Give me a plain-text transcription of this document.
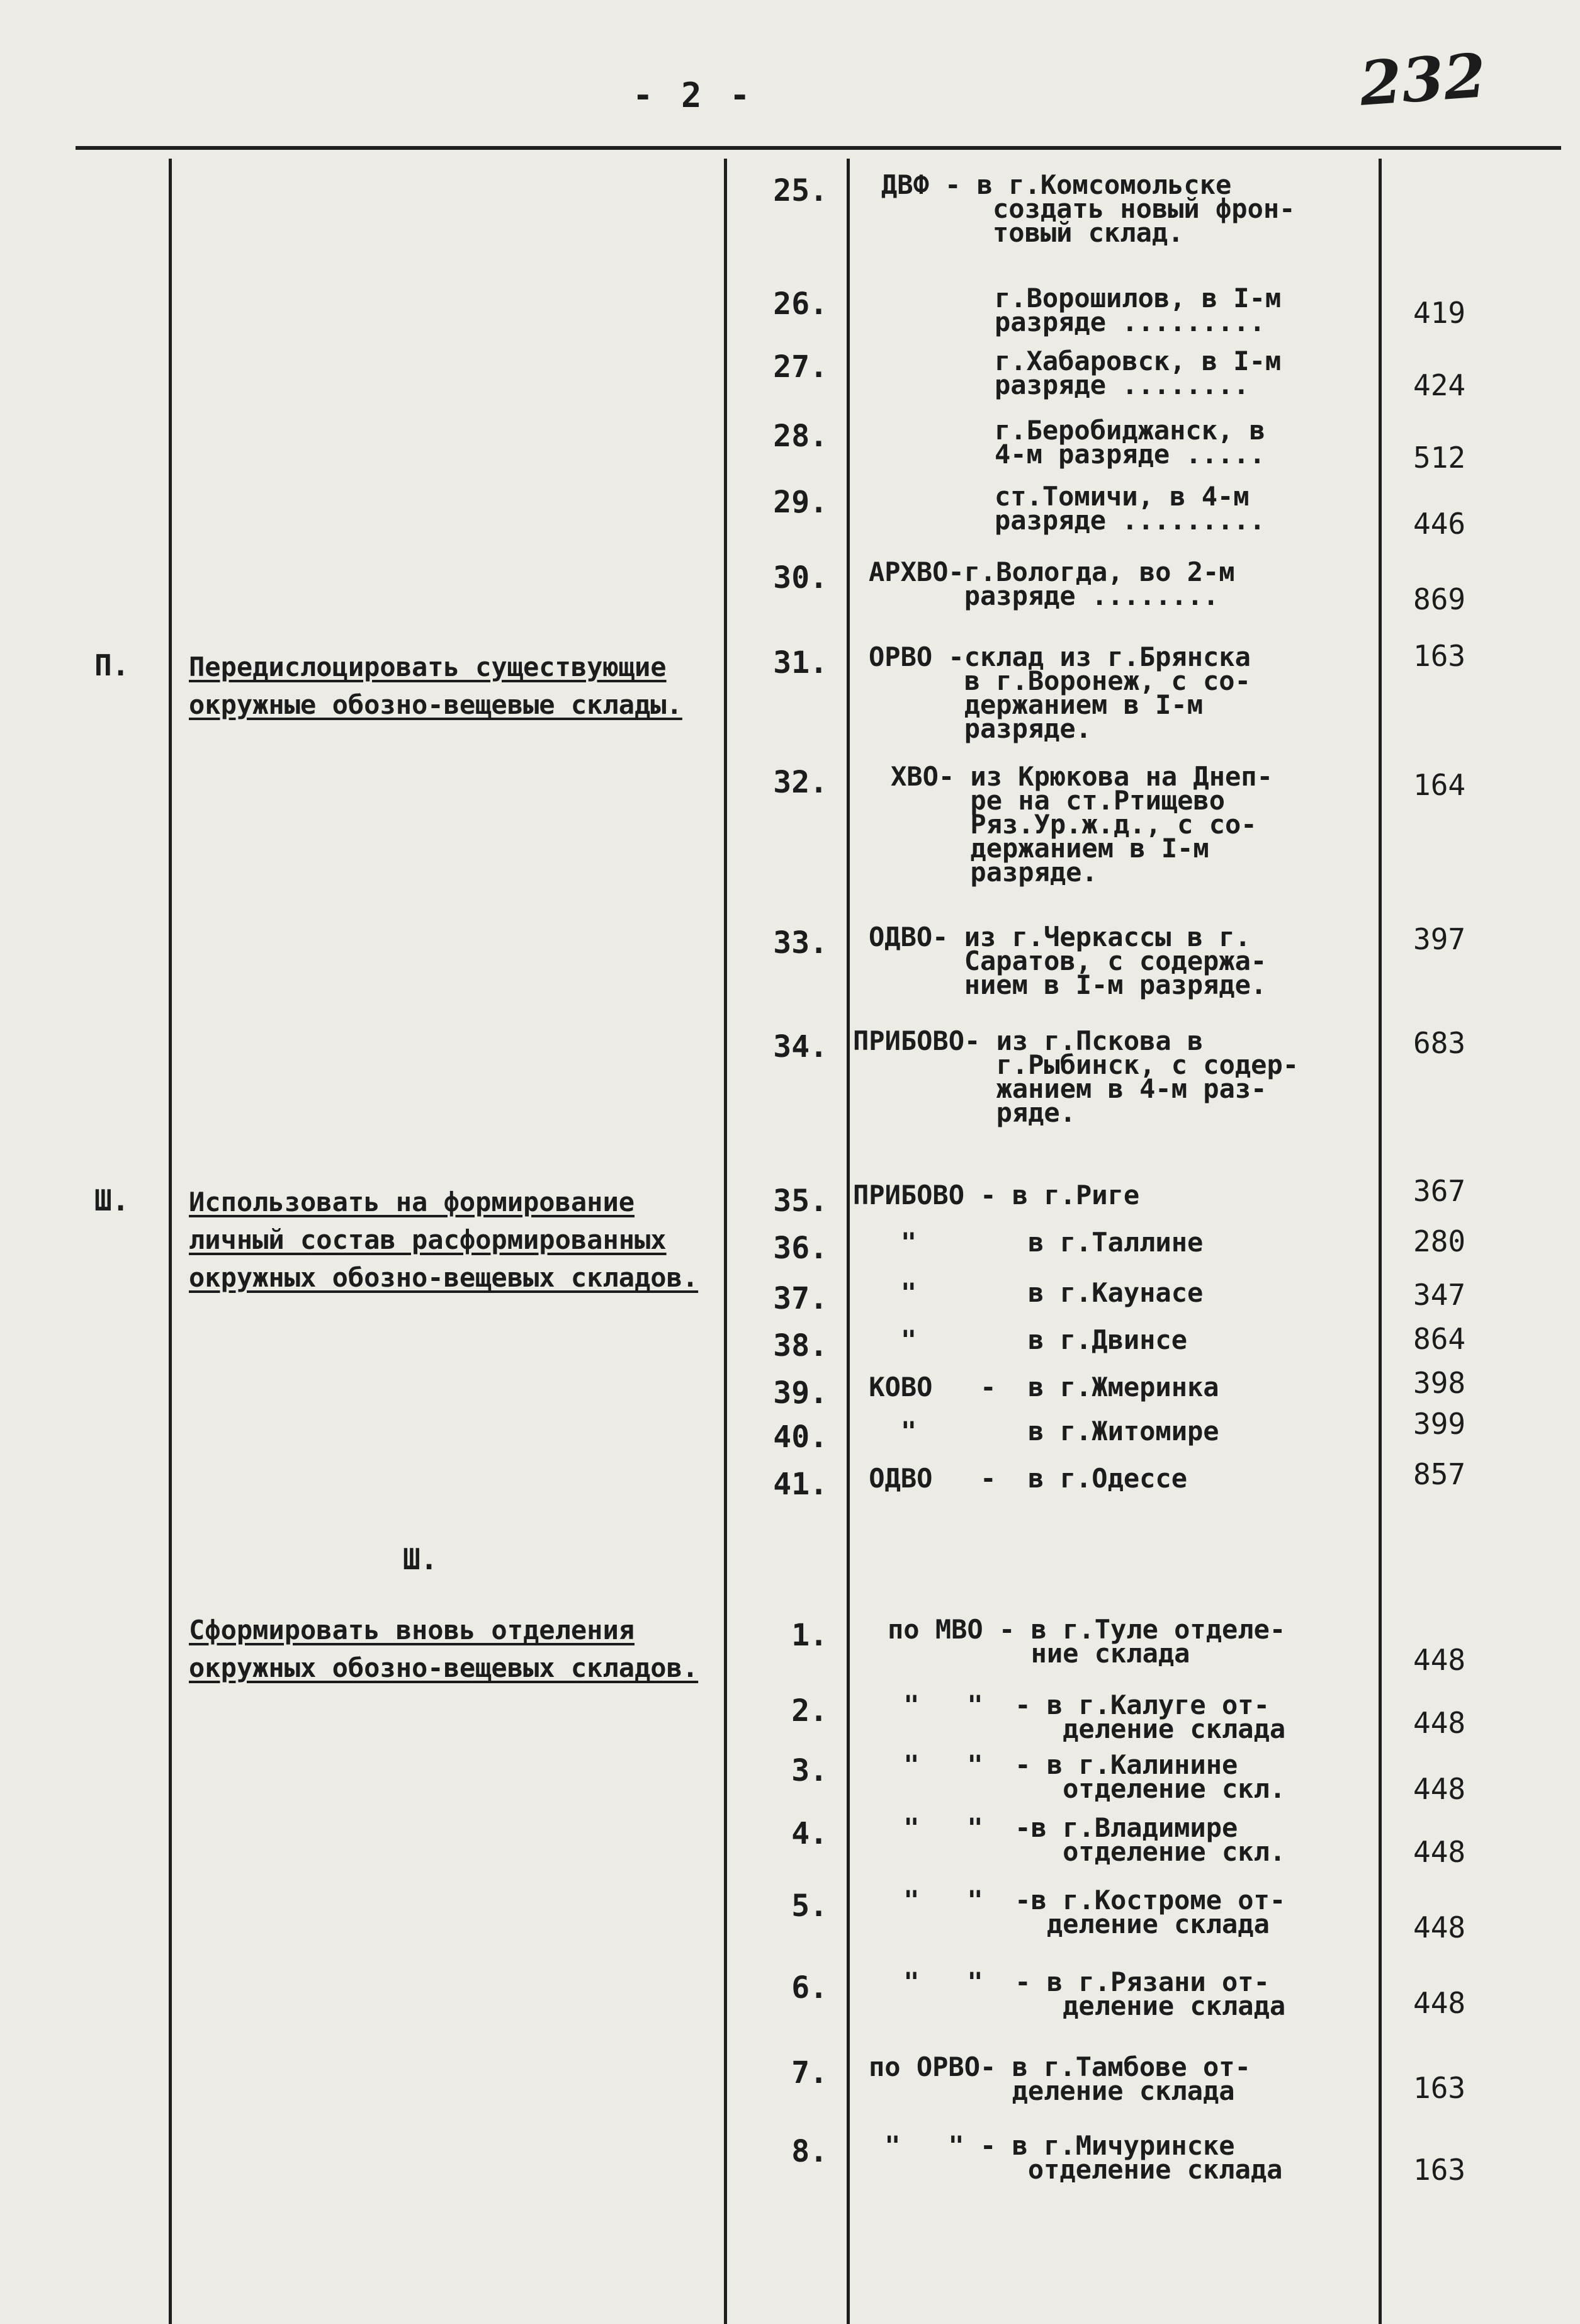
- 2 -	232
П. Передислоцировать существующие окружные обозно-вещевые склады.
Ш. Использовать на формирование личный состав расформированных окружных обозно-вещевых складов.
Ш.
Сформировать вновь отделения окружных обозно-вещевых складов.
25. ДВФ - в г.Комсомольске
создать новый фрон-
товый склад.
26.	г.Ворошилов, в I-м
разряде .........	419
27.	г.Хабаровск, в I-м
разряде ........	424
28.	г.Беробиджанск, в
4-м разряде .....	512
29.	ст.Томичи, в 4-м
разряде .........	446
30. АРХВО-г.Вологда, во 2-м
разряде ........	869
31. ОРВО -склад из г.Брянска
в г.Воронеж, с со-
держанием в I-м
разряде.
163
32. ХВО- из Крюкова на Днеп-
ре на ст.Ртищево
Ряз.Ур.ж.д., с со-
держанием в I-м
разряде.
164
33. ОДВО- из г.Черкассы в г.
Саратов, с содержа-
нием в I-м разряде.
397
34. ПРИБОВО- из г.Пскова в
г.Рыбинск, с содер-
жанием в 4-м раз-
ряде.
683
35. ПРИБОВО - в г.Риге	367
36. "       в г.Таллине	280
37. "       в г.Каунасе	347
38. "       в г.Двинсе	864
39. КОВО   -  в г.Жмеринка	398
40. "       в г.Житомире	399
41. ОДВО   -  в г.Одессе	857
1. по МВО - в г.Туле отделе-
ние склада	448
2.	"   "  - в г.Калуге от-
деление склада	448
3.	"   "  - в г.Калинине
отделение скл.	448
4.	"   "  -в г.Владимире
отделение скл.	448
5.	"   "  -в г.Костроме от-
деление склада	448
6.	"   "  - в г.Рязани от-
деление склада	448
7. по ОРВО- в г.Тамбове от-
деление склада	163
8.	"   " - в г.Мичуринске
отделение склада	163
